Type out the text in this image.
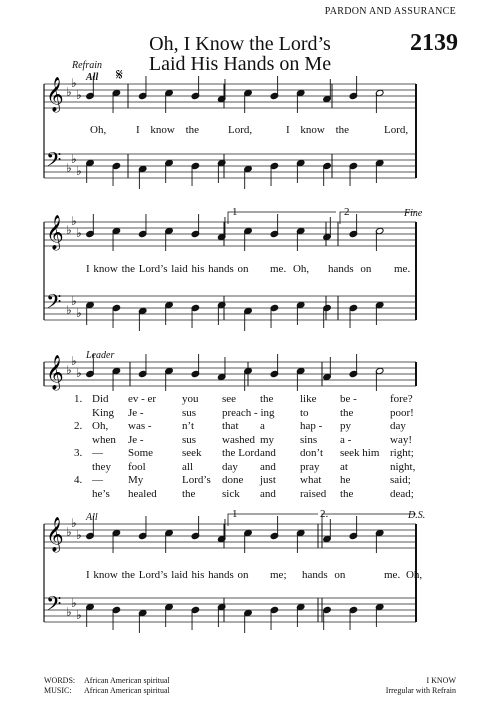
PARDON AND ASSURANCE
2139
Oh, I Know the Lord’s
Laid His Hands on Me
𝄞 ♭
♭
♭
𝄢 ♭
♭
♭
𝄞 ♭
♭
♭
𝄢 ♭
♭
♭
𝄞 ♭
♭
♭
𝄞 ♭
♭
♭
𝄢 ♭
♭
♭
𝄋
Refrain
All
Leader
All
Fine
D.S.
1	2
1	2.
Oh,	I know the	Lord,	I know the	Lord,
I know the Lord’s laid his hands on me. Oh, hands on me.
1. Did ev - er you see the like be -	fore?
King Je -	sus preach - ing to	the	poor!
2. Oh, was -	n’t	that a	hap - py	day
when Je -	sus washed my sins a -	way!
3. — Some	seek the Lord and don’t seek him right;
they fool	all	day and pray at	night,
4. — My	Lord’s done just what he	said;
he’s healed the sick and raised the	dead;
I know the Lord’s laid his hands on me; hands on	me. Oh,
WORDS: African American spiritual
MUSIC: African American spiritual
I KNOW
Irregular with Refrain
